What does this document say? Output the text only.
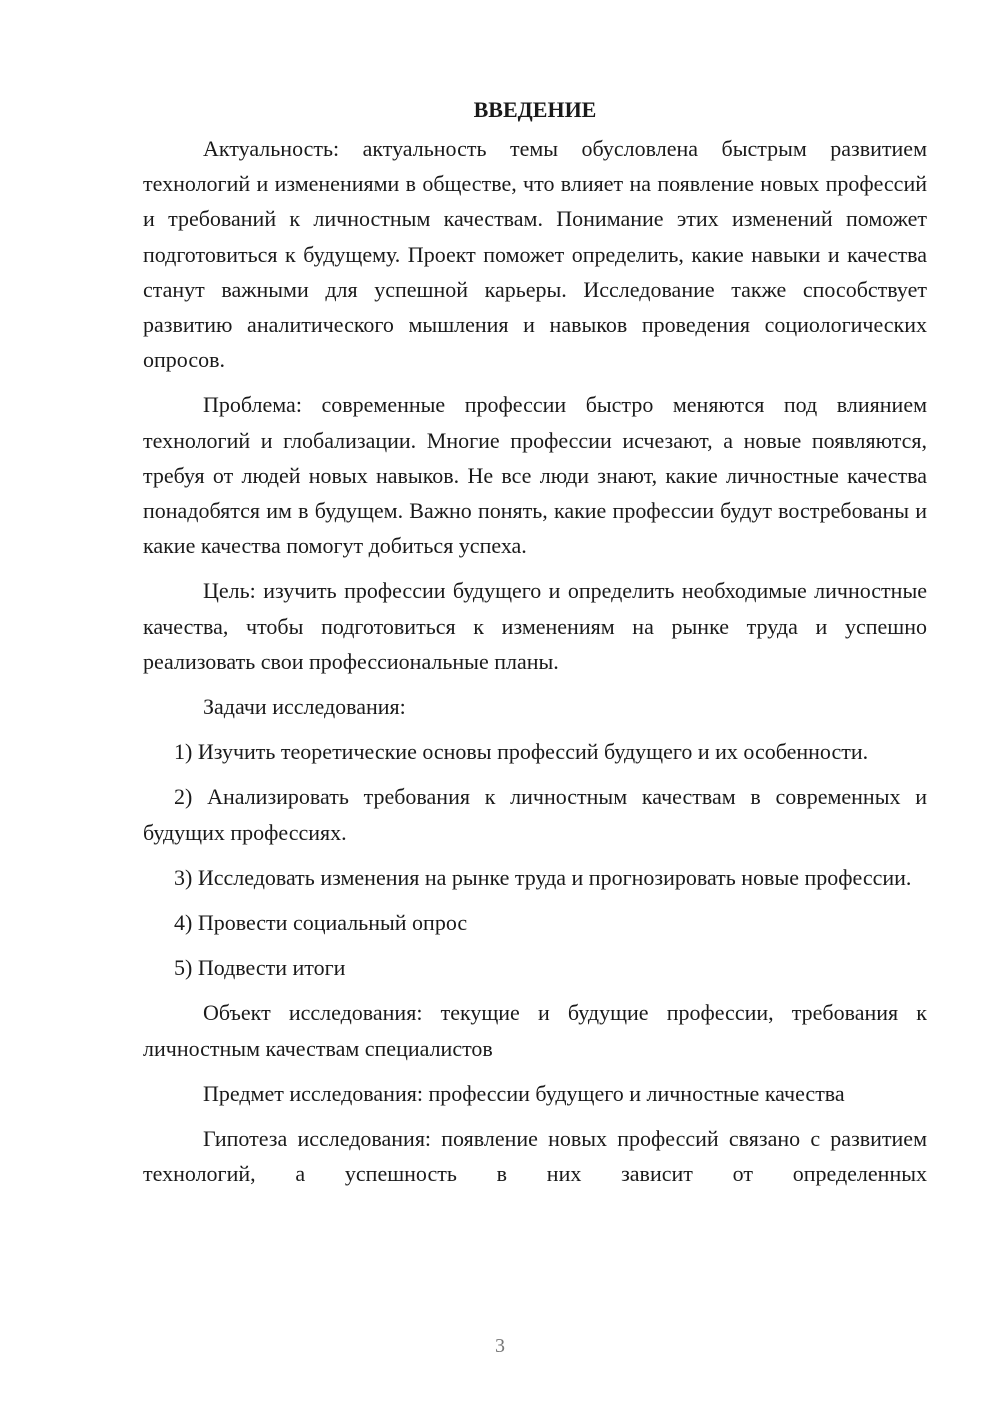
ВВЕДЕНИЕ

Актуальность: актуальность темы обусловлена быстрым развитием технологий и изменениями в обществе, что влияет на появление новых профессий и требований к личностным качествам. Понимание этих изменений поможет подготовиться к будущему. Проект поможет определить, какие навыки и качества станут важными для успешной карьеры. Исследование также способствует развитию аналитического мышления и навыков проведения социологических опросов.

Проблема: современные профессии быстро меняются под влиянием технологий и глобализации. Многие профессии исчезают, а новые появляются, требуя от людей новых навыков. Не все люди знают, какие личностные качества понадобятся им в будущем. Важно понять, какие профессии будут востребованы и какие качества помогут добиться успеха.

Цель: изучить профессии будущего и определить необходимые личностные качества, чтобы подготовиться к изменениям на рынке труда и успешно реализовать свои профессиональные планы.

Задачи исследования:

1) Изучить теоретические основы профессий будущего и их особенности.

2) Анализировать требования к личностным качествам в современных и будущих профессиях.

3) Исследовать изменения на рынке труда и прогнозировать новые профессии.

4) Провести социальный опрос

5) Подвести итоги

Объект исследования: текущие и будущие профессии, требования к личностным качествам специалистов

Предмет исследования: профессии будущего и личностные качества

Гипотеза исследования: появление новых профессий связано с развитием технологий, а успешность в них зависит от определенных

3
